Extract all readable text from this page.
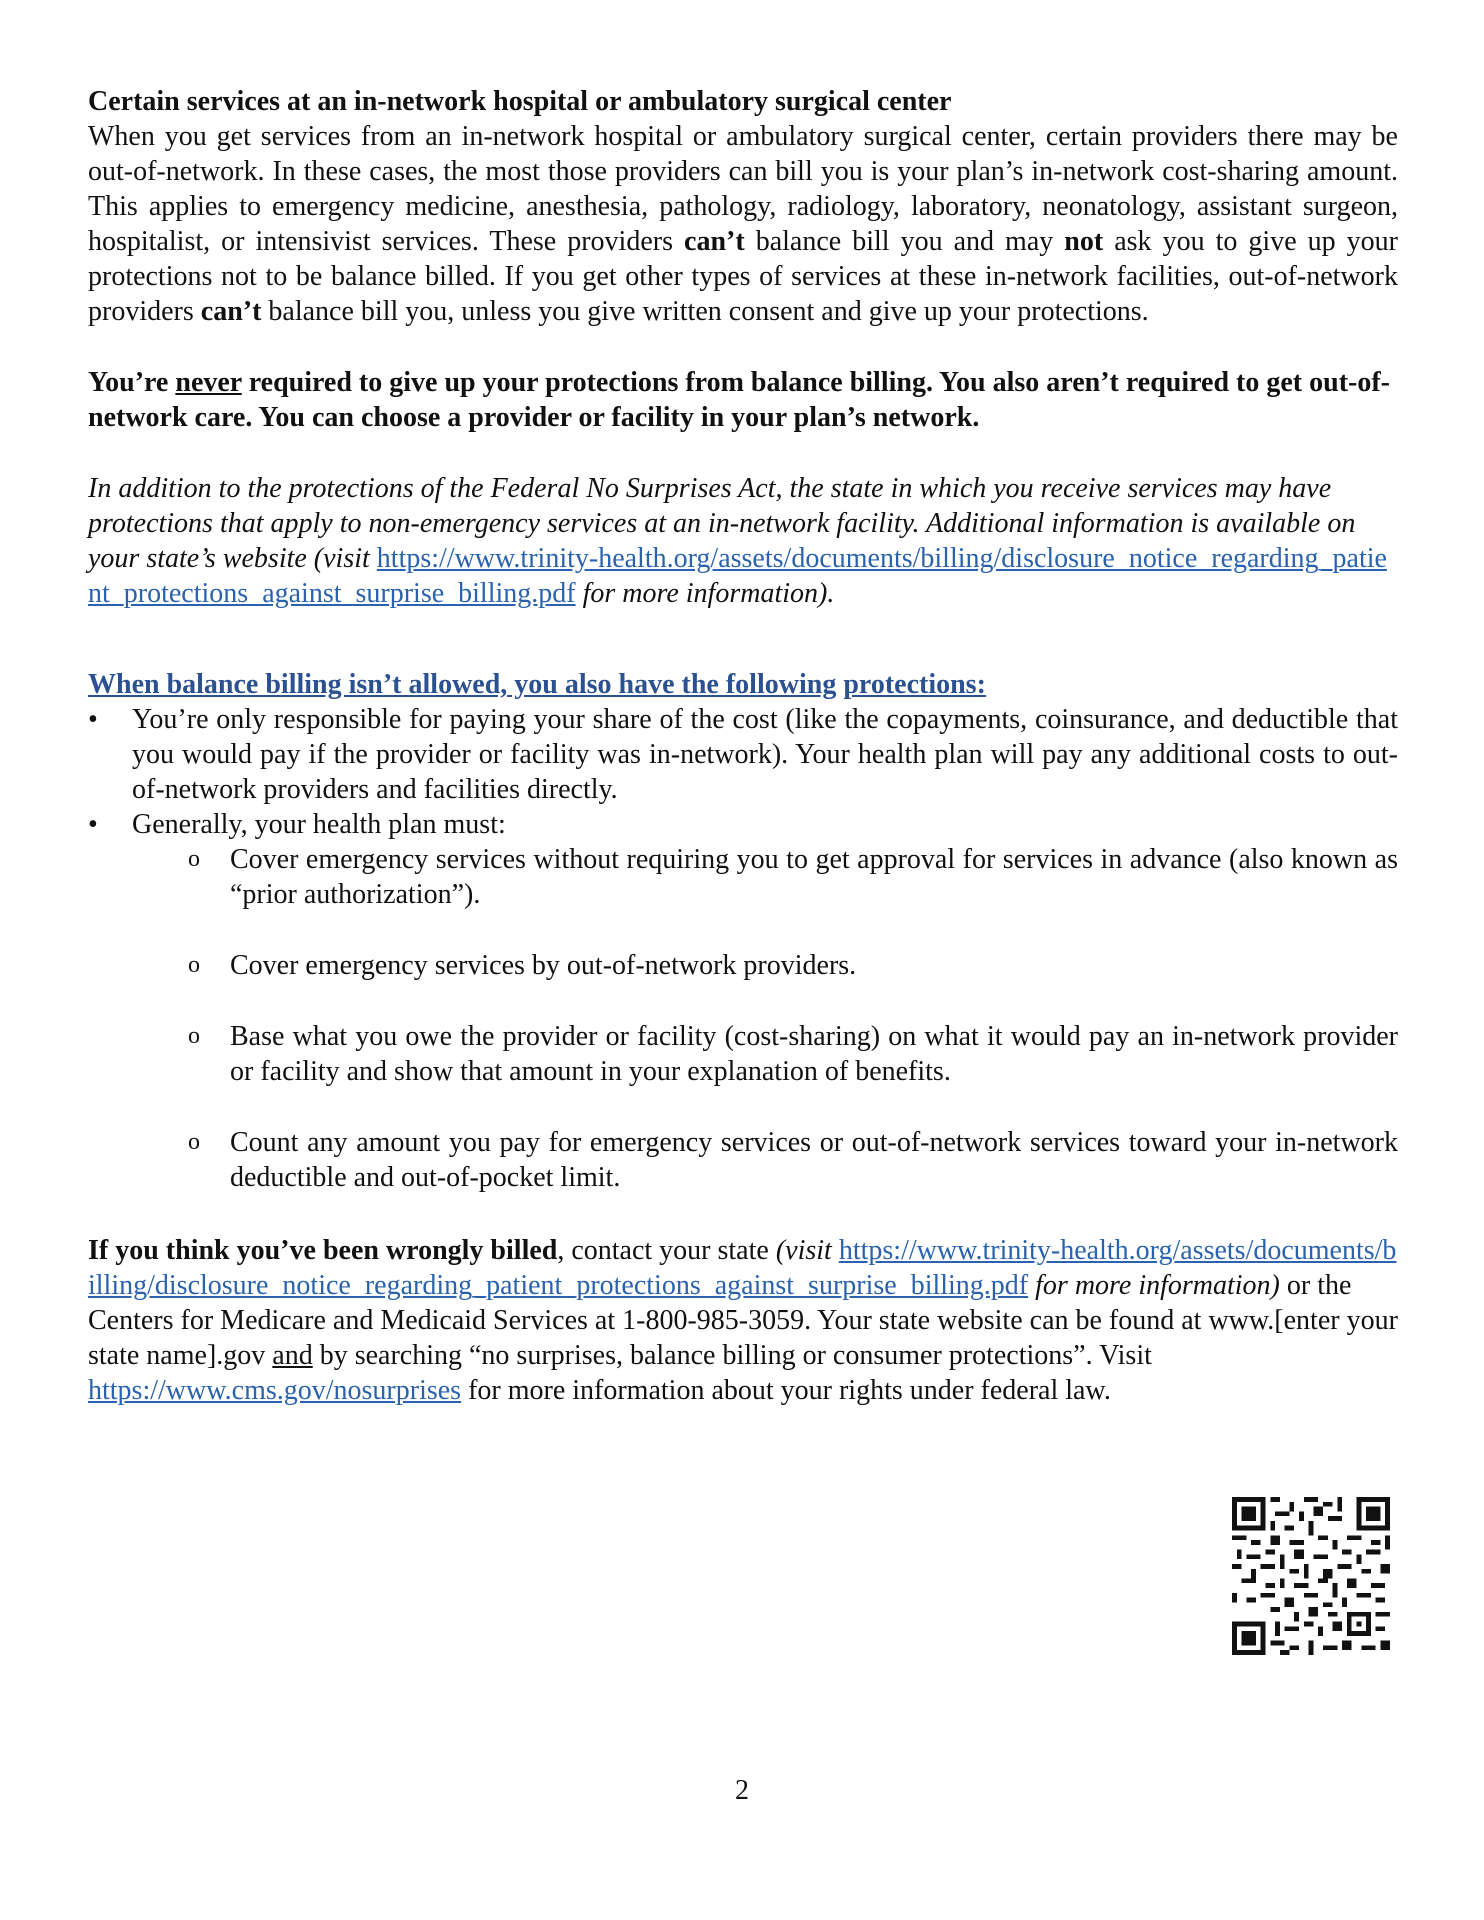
Certain services at an in-network hospital or ambulatory surgical center

When you get services from an in-network hospital or ambulatory surgical center, certain providers there may be out-of-network. In these cases, the most those providers can bill you is your plan’s in-network cost-sharing amount. This applies to emergency medicine, anesthesia, pathology, radiology, laboratory, neonatology, assistant surgeon, hospitalist, or intensivist services. These providers can’t balance bill you and may not ask you to give up your protections not to be balance billed. If you get other types of services at these in-network facilities, out-of-network providers can’t balance bill you, unless you give written consent and give up your protections.

You’re never required to give up your protections from balance billing. You also aren’t required to get out-of-network care. You can choose a provider or facility in your plan’s network.

In addition to the protections of the Federal No Surprises Act, the state in which you receive services may have protections that apply to non-emergency services at an in-network facility. Additional information is available on your state’s website (visit https://www.trinity-health.org/assets/documents/billing/disclosure_notice_regarding_patient_protections_against_surprise_billing.pdf for more information).

When balance billing isn’t allowed, you also have the following protections:

• You’re only responsible for paying your share of the cost (like the copayments, coinsurance, and deductible that you would pay if the provider or facility was in-network). Your health plan will pay any additional costs to out-of-network providers and facilities directly.
• Generally, your health plan must:
o Cover emergency services without requiring you to get approval for services in advance (also known as “prior authorization”).
o Cover emergency services by out-of-network providers.
o Base what you owe the provider or facility (cost-sharing) on what it would pay an in-network provider or facility and show that amount in your explanation of benefits.
o Count any amount you pay for emergency services or out-of-network services toward your in-network deductible and out-of-pocket limit.

If you think you’ve been wrongly billed, contact your state (visit https://www.trinity-health.org/assets/documents/billing/disclosure_notice_regarding_patient_protections_against_surprise_billing.pdf for more information) or the Centers for Medicare and Medicaid Services at 1-800-985-3059. Your state website can be found at www.[enter your state name].gov and by searching “no surprises, balance billing or consumer protections”. Visit https://www.cms.gov/nosurprises for more information about your rights under federal law.

2
